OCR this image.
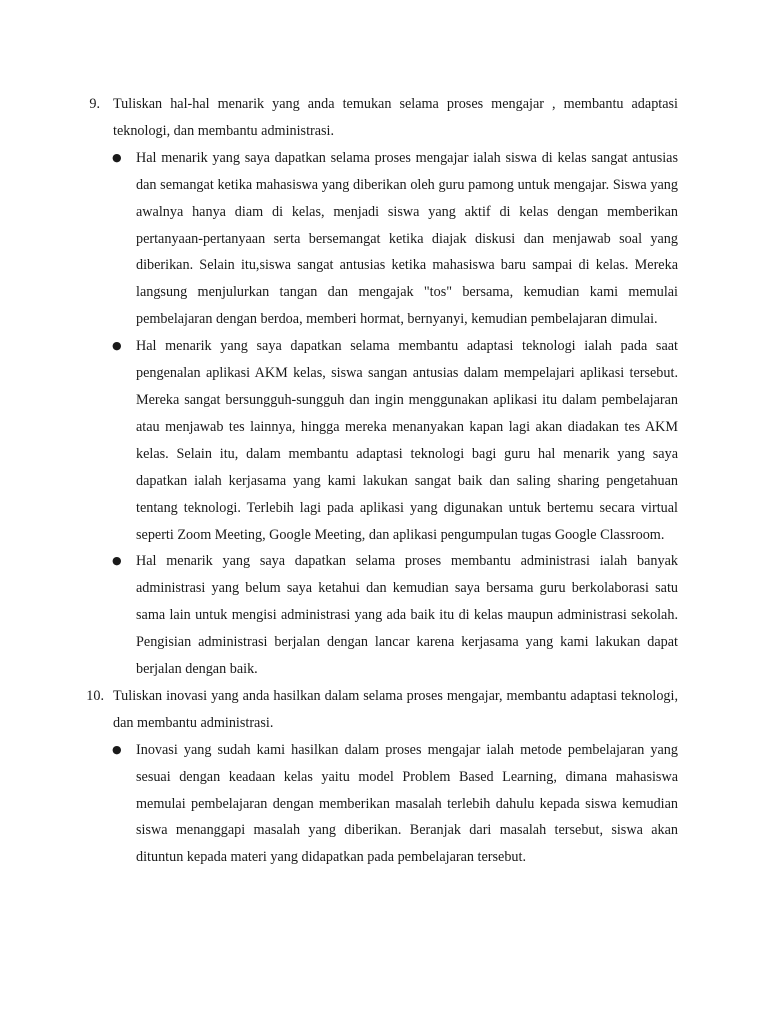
9. Tuliskan hal-hal menarik yang anda temukan selama proses mengajar , membantu adaptasi teknologi, dan membantu administrasi.
● Hal menarik yang saya dapatkan selama proses mengajar ialah siswa di kelas sangat antusias dan semangat ketika mahasiswa yang diberikan oleh guru pamong untuk mengajar. Siswa yang awalnya hanya diam di kelas, menjadi siswa yang aktif di kelas dengan memberikan pertanyaan-pertanyaan serta bersemangat ketika diajak diskusi dan menjawab soal yang diberikan. Selain itu,siswa sangat antusias ketika mahasiswa baru sampai di kelas. Mereka langsung menjulurkan tangan dan mengajak "tos" bersama, kemudian kami memulai pembelajaran dengan berdoa, memberi hormat, bernyanyi, kemudian pembelajaran dimulai.
● Hal menarik yang saya dapatkan selama membantu adaptasi teknologi ialah pada saat pengenalan aplikasi AKM kelas, siswa sangan antusias dalam mempelajari aplikasi tersebut. Mereka sangat bersungguh-sungguh dan ingin menggunakan aplikasi itu dalam pembelajaran atau menjawab tes lainnya, hingga mereka menanyakan kapan lagi akan diadakan tes AKM kelas. Selain itu, dalam membantu adaptasi teknologi bagi guru hal menarik yang saya dapatkan ialah kerjasama yang kami lakukan sangat baik dan saling sharing pengetahuan tentang teknologi. Terlebih lagi pada aplikasi yang digunakan untuk bertemu secara virtual seperti Zoom Meeting, Google Meeting, dan aplikasi pengumpulan tugas Google Classroom.
● Hal menarik yang saya dapatkan selama proses membantu administrasi ialah banyak administrasi yang belum saya ketahui dan kemudian saya bersama guru berkolaborasi satu sama lain untuk mengisi administrasi yang ada baik itu di kelas maupun administrasi sekolah. Pengisian administrasi berjalan dengan lancar karena kerjasama yang kami lakukan dapat berjalan dengan baik.
10. Tuliskan inovasi yang anda hasilkan dalam selama proses mengajar, membantu adaptasi teknologi, dan membantu administrasi.
● Inovasi yang sudah kami hasilkan dalam proses mengajar ialah metode pembelajaran yang sesuai dengan keadaan kelas yaitu model Problem Based Learning, dimana mahasiswa memulai pembelajaran dengan memberikan masalah terlebih dahulu kepada siswa kemudian siswa menanggapi masalah yang diberikan. Beranjak dari masalah tersebut, siswa akan dituntun kepada materi yang didapatkan pada pembelajaran tersebut.
